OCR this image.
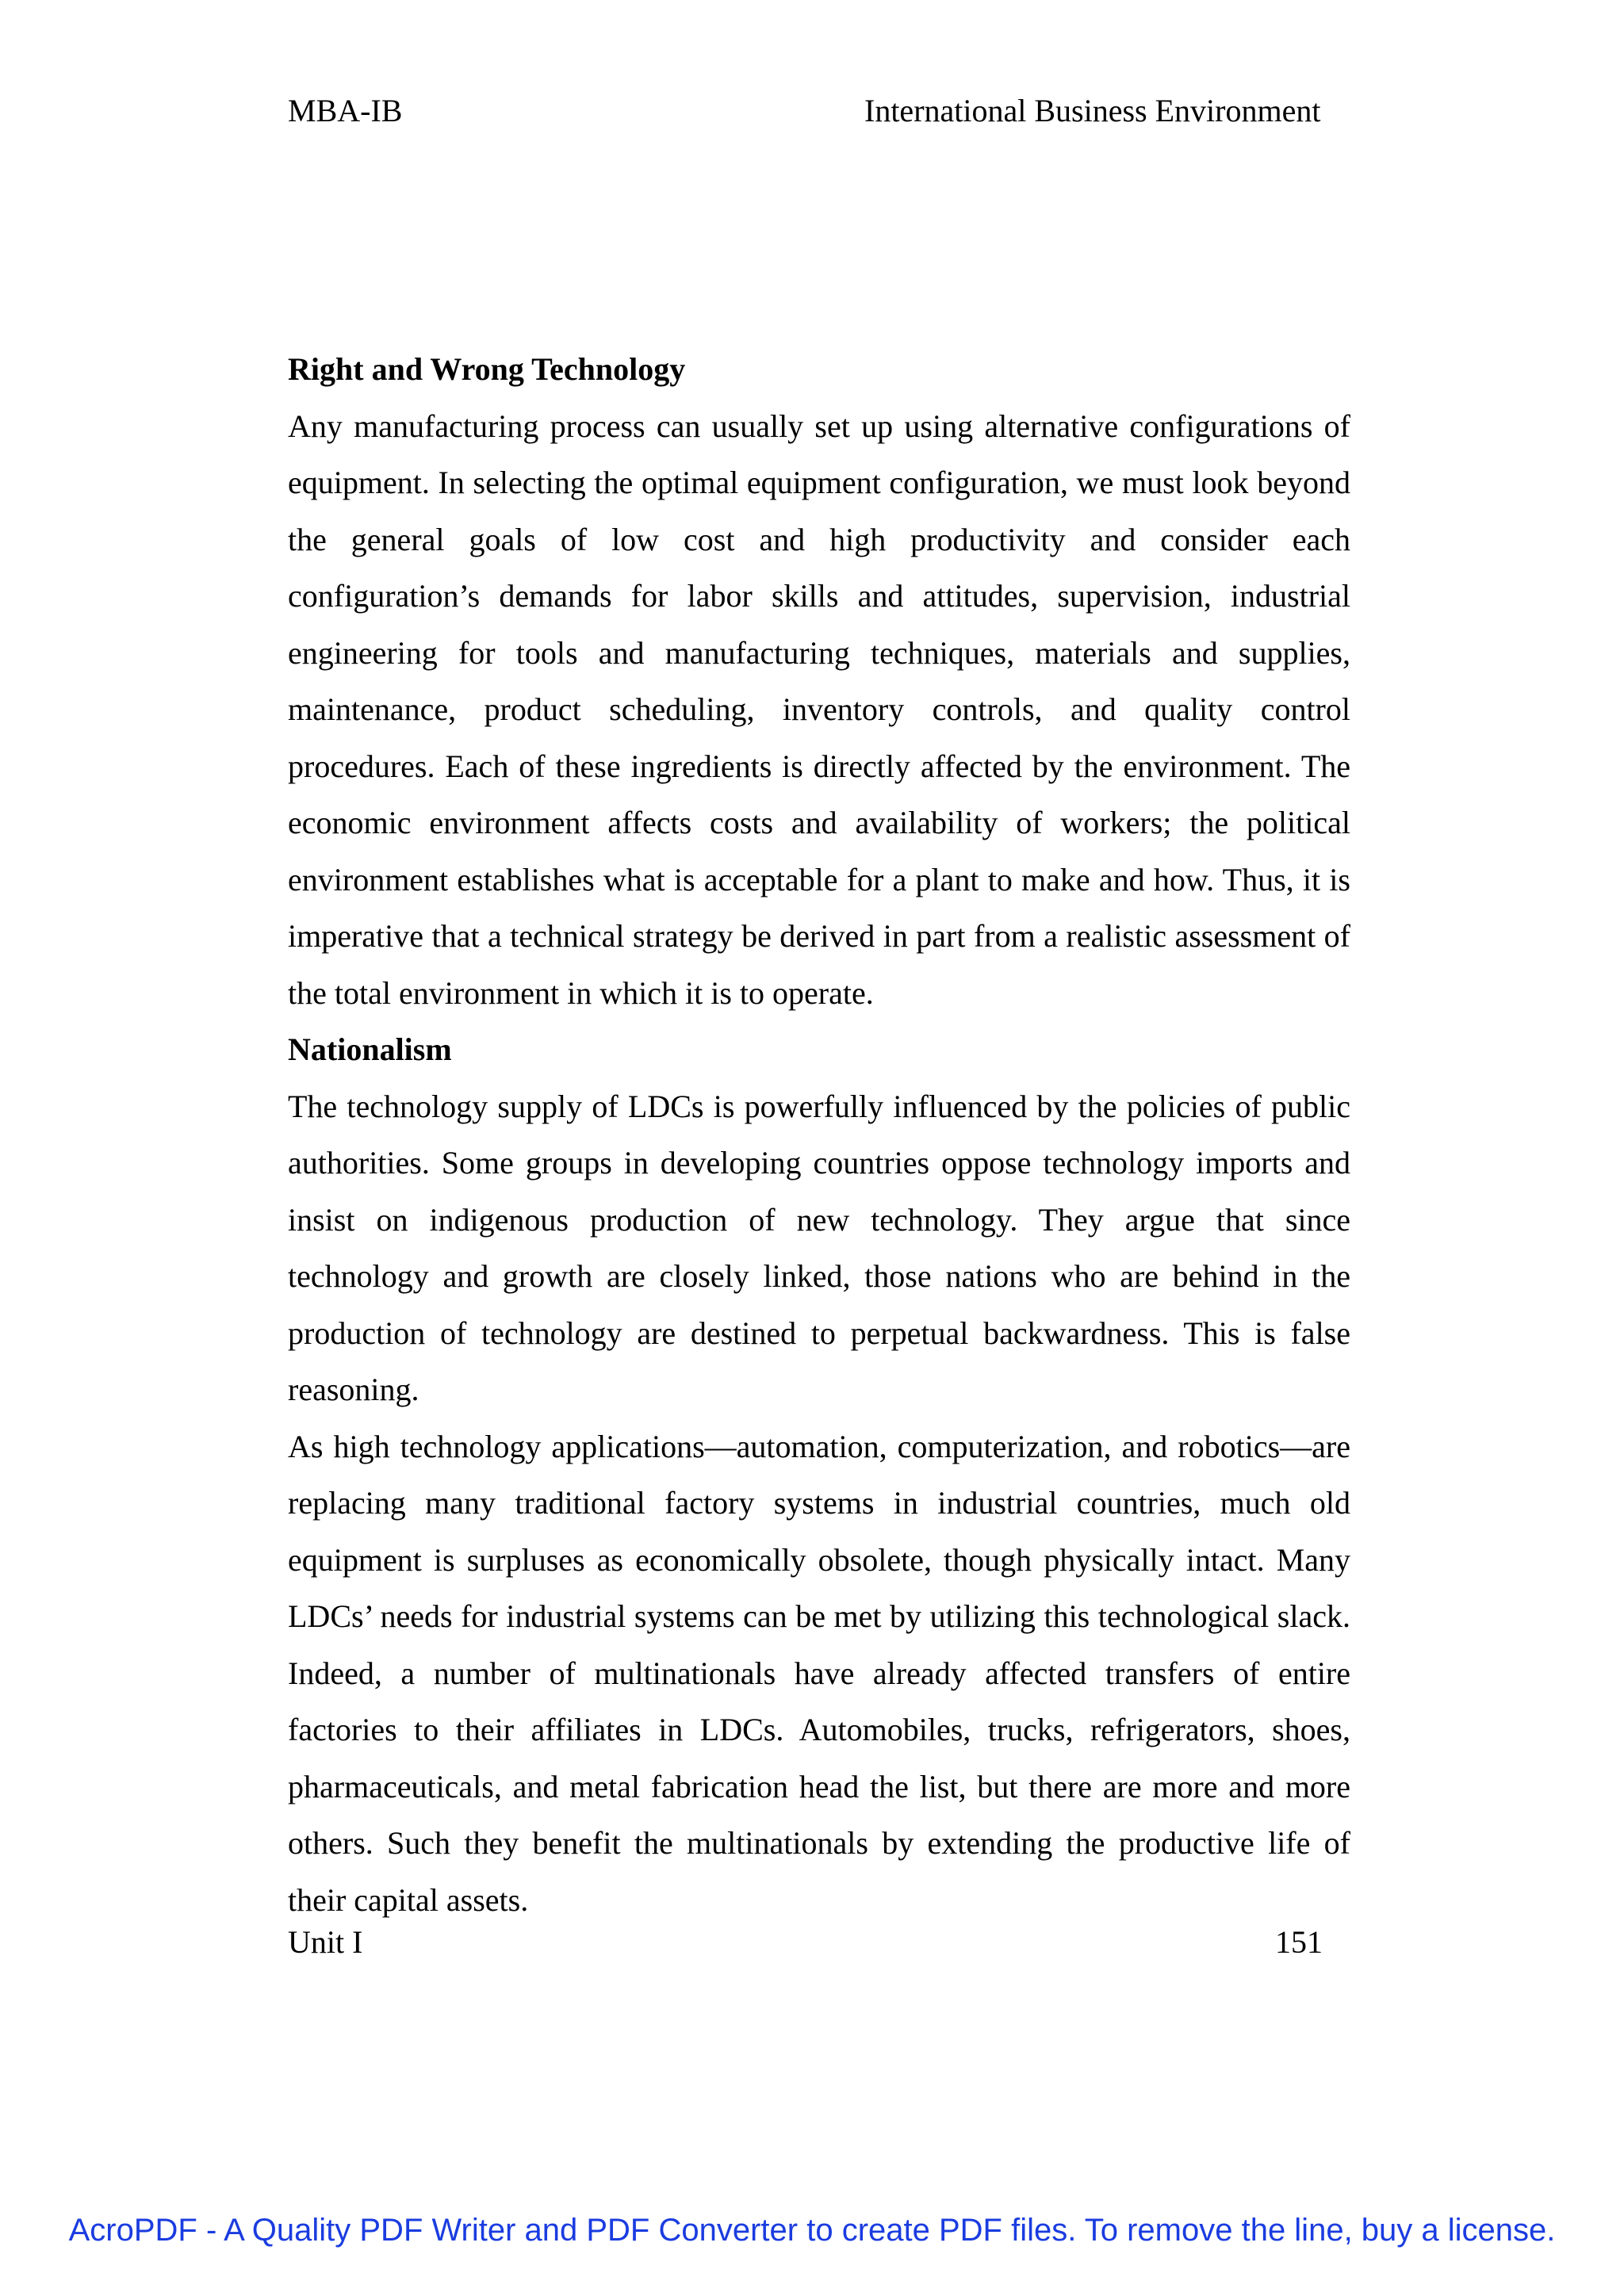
MBA-IB	International Business Environment
Right and Wrong Technology

Any manufacturing process can usually set up using alternative configurations of equipment. In selecting the optimal equipment configuration, we must look beyond the general goals of low cost and high productivity and consider each configuration’s demands for labor skills and attitudes, supervision, industrial engineering for tools and manufacturing techniques, materials and supplies, maintenance, product scheduling, inventory controls, and quality control procedures. Each of these ingredients is directly affected by the environment. The economic environment affects costs and availability of workers; the political environment establishes what is acceptable for a plant to make and how. Thus, it is imperative that a technical strategy be derived in part from a realistic assessment of the total environment in which it is to operate.

Nationalism

The technology supply of LDCs is powerfully influenced by the policies of public authorities. Some groups in developing countries oppose technology imports and insist on indigenous production of new technology. They argue that since technology and growth are closely linked, those nations who are behind in the production of technology are destined to perpetual backwardness. This is false reasoning.

As high technology applications—automation, computerization, and robotics—are replacing many traditional factory systems in industrial countries, much old equipment is surpluses as economically obsolete, though physically intact. Many LDCs’ needs for industrial systems can be met by utilizing this technological slack. Indeed, a number of multinationals have already affected transfers of entire factories to their affiliates in LDCs. Automobiles, trucks, refrigerators, shoes, pharmaceuticals, and metal fabrication head the list, but there are more and more others. Such they benefit the multinationals by extending the productive life of their capital assets.

Unit I	151
AcroPDF - A Quality PDF Writer and PDF Converter to create PDF files. To remove the line, buy a license.
